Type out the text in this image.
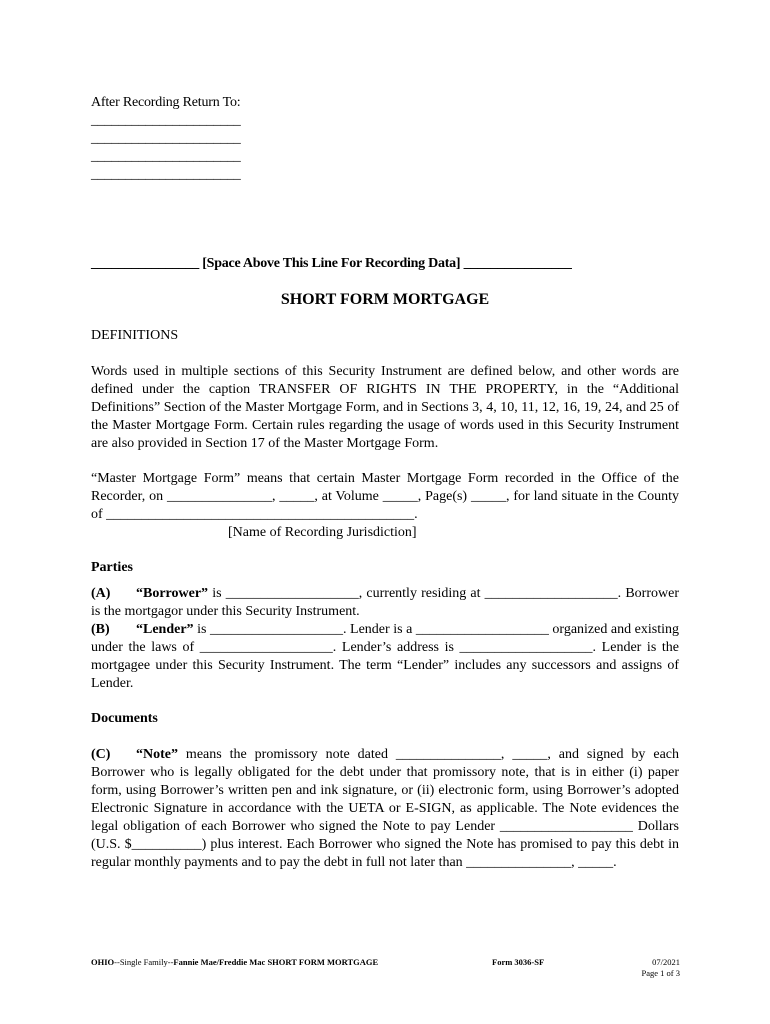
After Recording Return To:
______________________
______________________
______________________
______________________
________________ [Space Above This Line For Recording Data] ________________
SHORT FORM MORTGAGE
DEFINITIONS
Words used in multiple sections of this Security Instrument are defined below, and other words are defined under the caption TRANSFER OF RIGHTS IN THE PROPERTY, in the “Additional Definitions” Section of the Master Mortgage Form, and in Sections 3, 4, 10, 11, 12, 16, 19, 24, and 25 of the Master Mortgage Form. Certain rules regarding the usage of words used in this Security Instrument are also provided in Section 17 of the Master Mortgage Form.
“Master Mortgage Form” means that certain Master Mortgage Form recorded in the Office of the Recorder, on _______________, _____, at Volume _____, Page(s) _____, for land situate in the County of ____________________________________________.
[Name of Recording Jurisdiction]
Parties
(A) “Borrower” is ___________________, currently residing at ___________________. Borrower is the mortgagor under this Security Instrument.
(B) “Lender” is ___________________. Lender is a ___________________ organized and existing under the laws of ___________________. Lender’s address is ___________________. Lender is the mortgagee under this Security Instrument. The term “Lender” includes any successors and assigns of Lender.
Documents
(C) “Note” means the promissory note dated _______________, _____, and signed by each Borrower who is legally obligated for the debt under that promissory note, that is in either (i) paper form, using Borrower’s written pen and ink signature, or (ii) electronic form, using Borrower’s adopted Electronic Signature in accordance with the UETA or E-SIGN, as applicable. The Note evidences the legal obligation of each Borrower who signed the Note to pay Lender ___________________ Dollars (U.S. $__________) plus interest. Each Borrower who signed the Note has promised to pay this debt in regular monthly payments and to pay the debt in full not later than _______________, _____.
OHIO--Single Family--Fannie Mae/Freddie Mac SHORT FORM MORTGAGE	Form 3036-SF	07/2021
Page 1 of 3
